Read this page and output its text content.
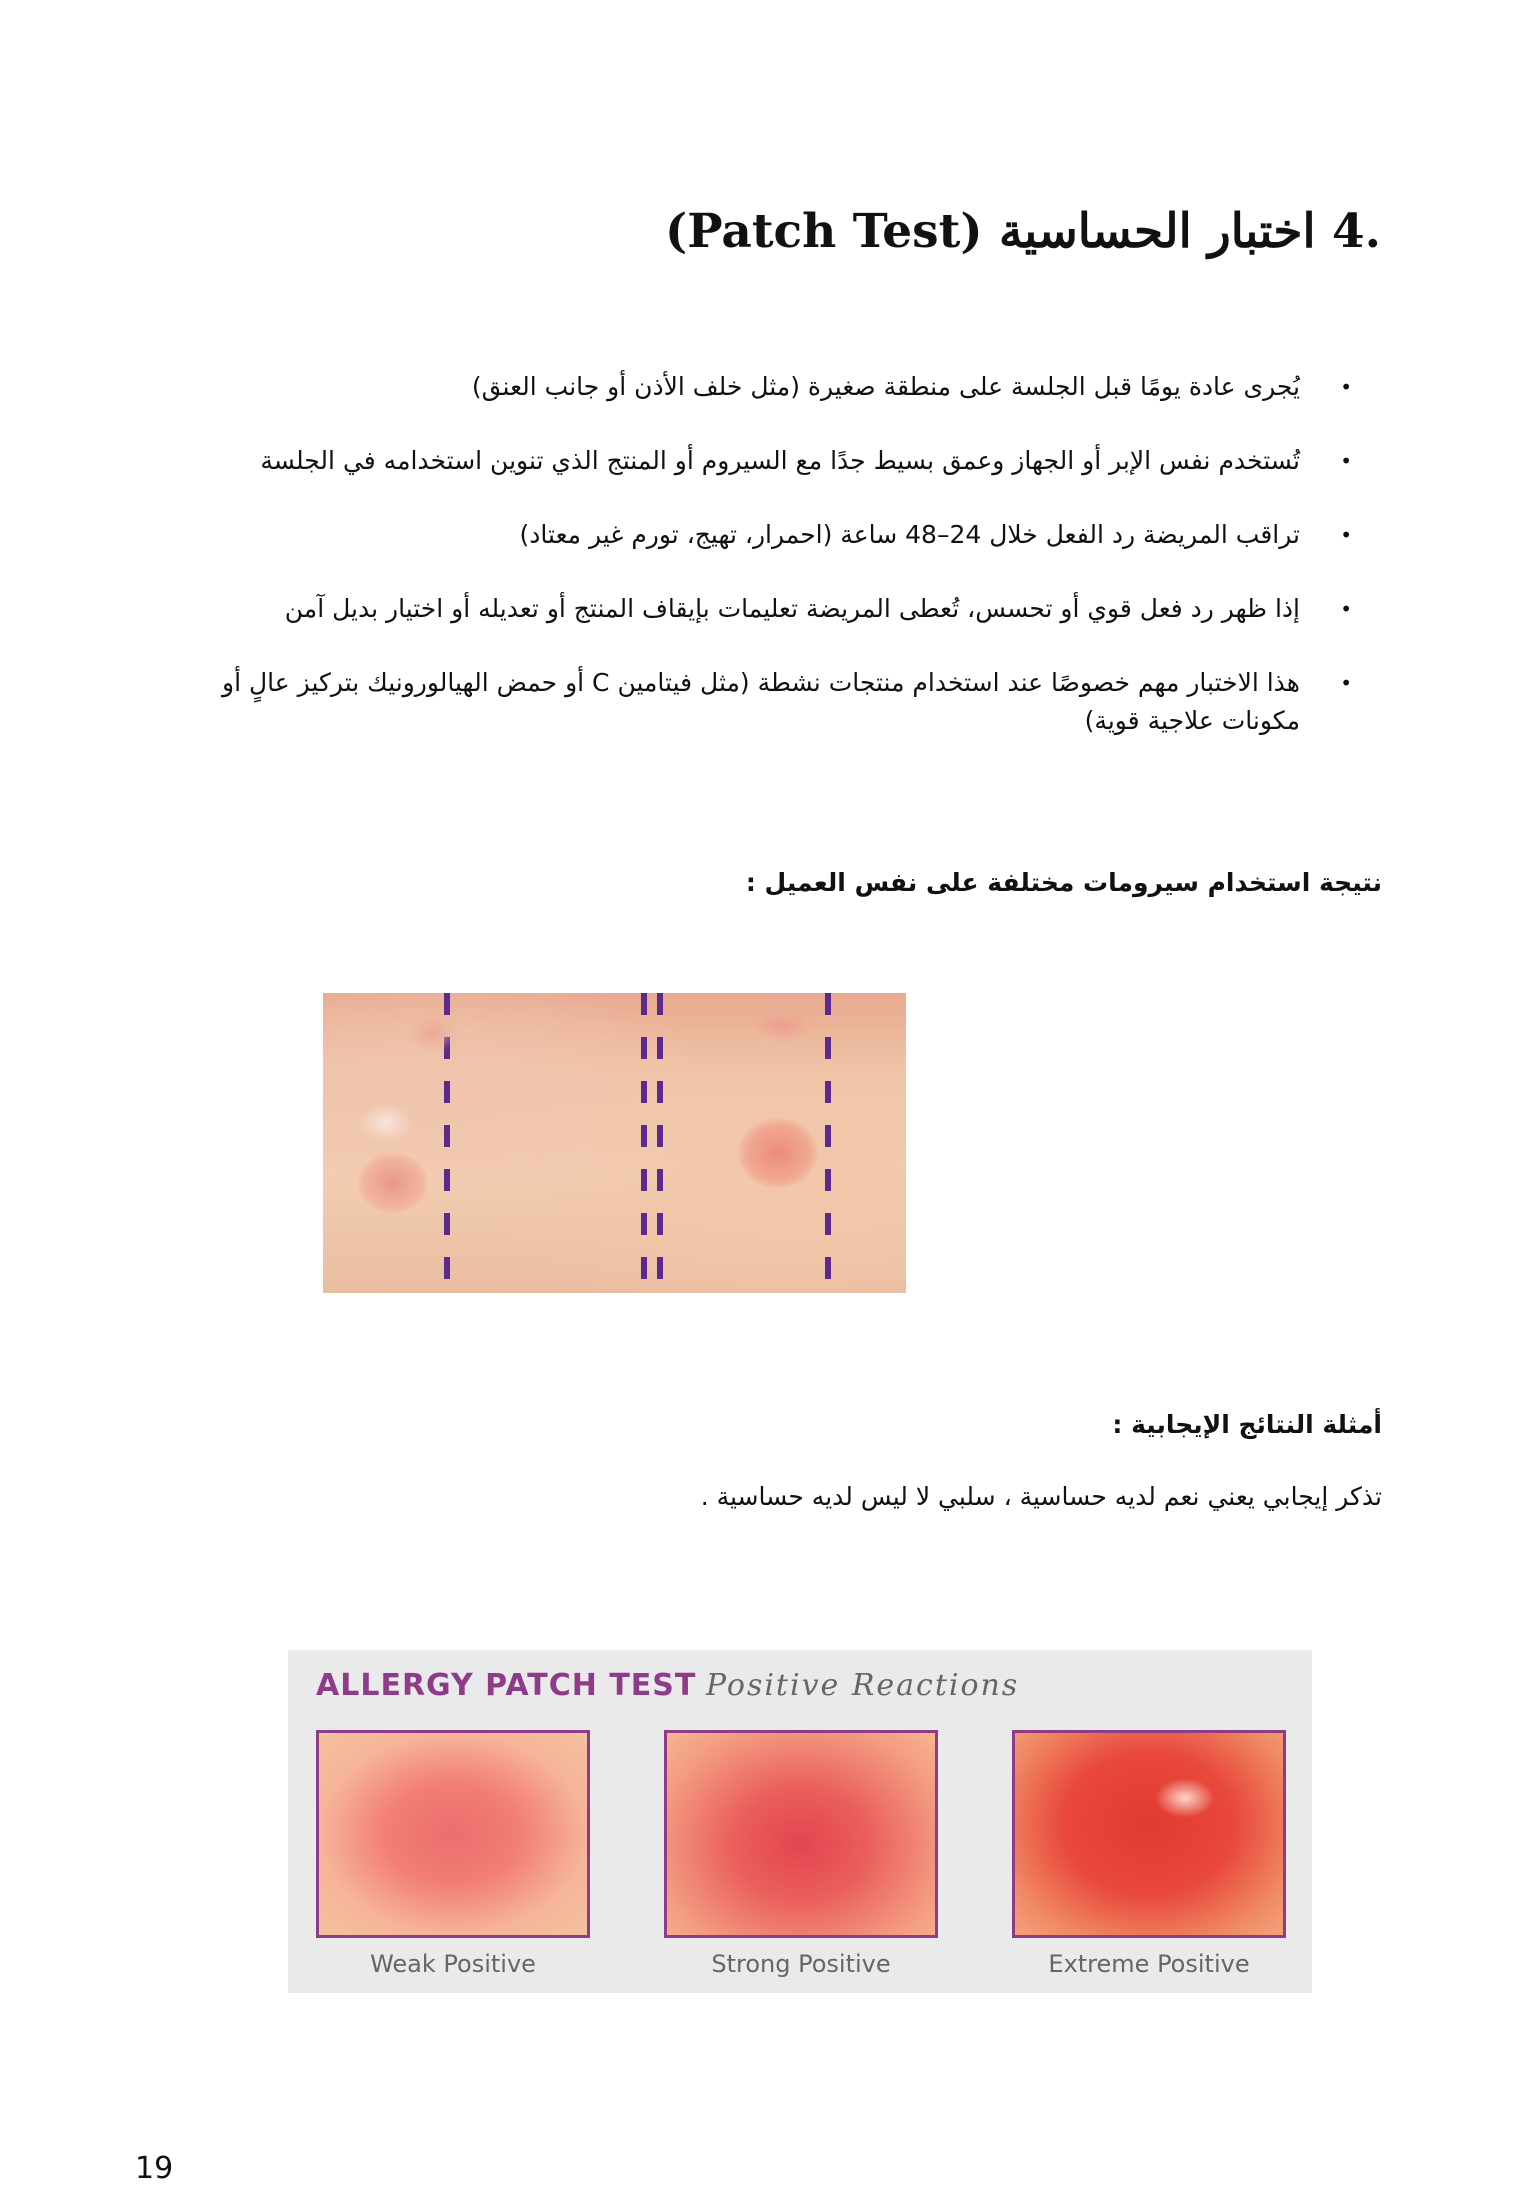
.4 اختبار الحساسية (Patch Test)
•
يُجرى عادة يومًا قبل الجلسة على منطقة صغيرة (مثل خلف الأذن أو جانب العنق)
•
تُستخدم نفس الإبر أو الجهاز وعمق بسيط جدًا مع السيروم أو المنتج الذي تنوين استخدامه في الجلسة
•
تراقب المريضة رد الفعل خلال 24–48 ساعة (احمرار، تهيج، تورم غير معتاد)
•
إذا ظهر رد فعل قوي أو تحسس، تُعطى المريضة تعليمات بإيقاف المنتج أو تعديله أو اختيار بديل آمن
•
هذا الاختبار مهم خصوصًا عند استخدام منتجات نشطة (مثل فيتامين C أو حمض الهيالورونيك بتركيز عالٍ أو مكونات علاجية قوية)
نتيجة استخدام سيرومات مختلفة على نفس العميل :
أمثلة النتائج الإيجابية :
تذكر إيجابي يعني نعم لديه حساسية ، سلبي لا ليس لديه حساسية .
ALLERGY PATCH TEST Positive Reactions
Weak Positive	Strong Positive	Extreme Positive
19
